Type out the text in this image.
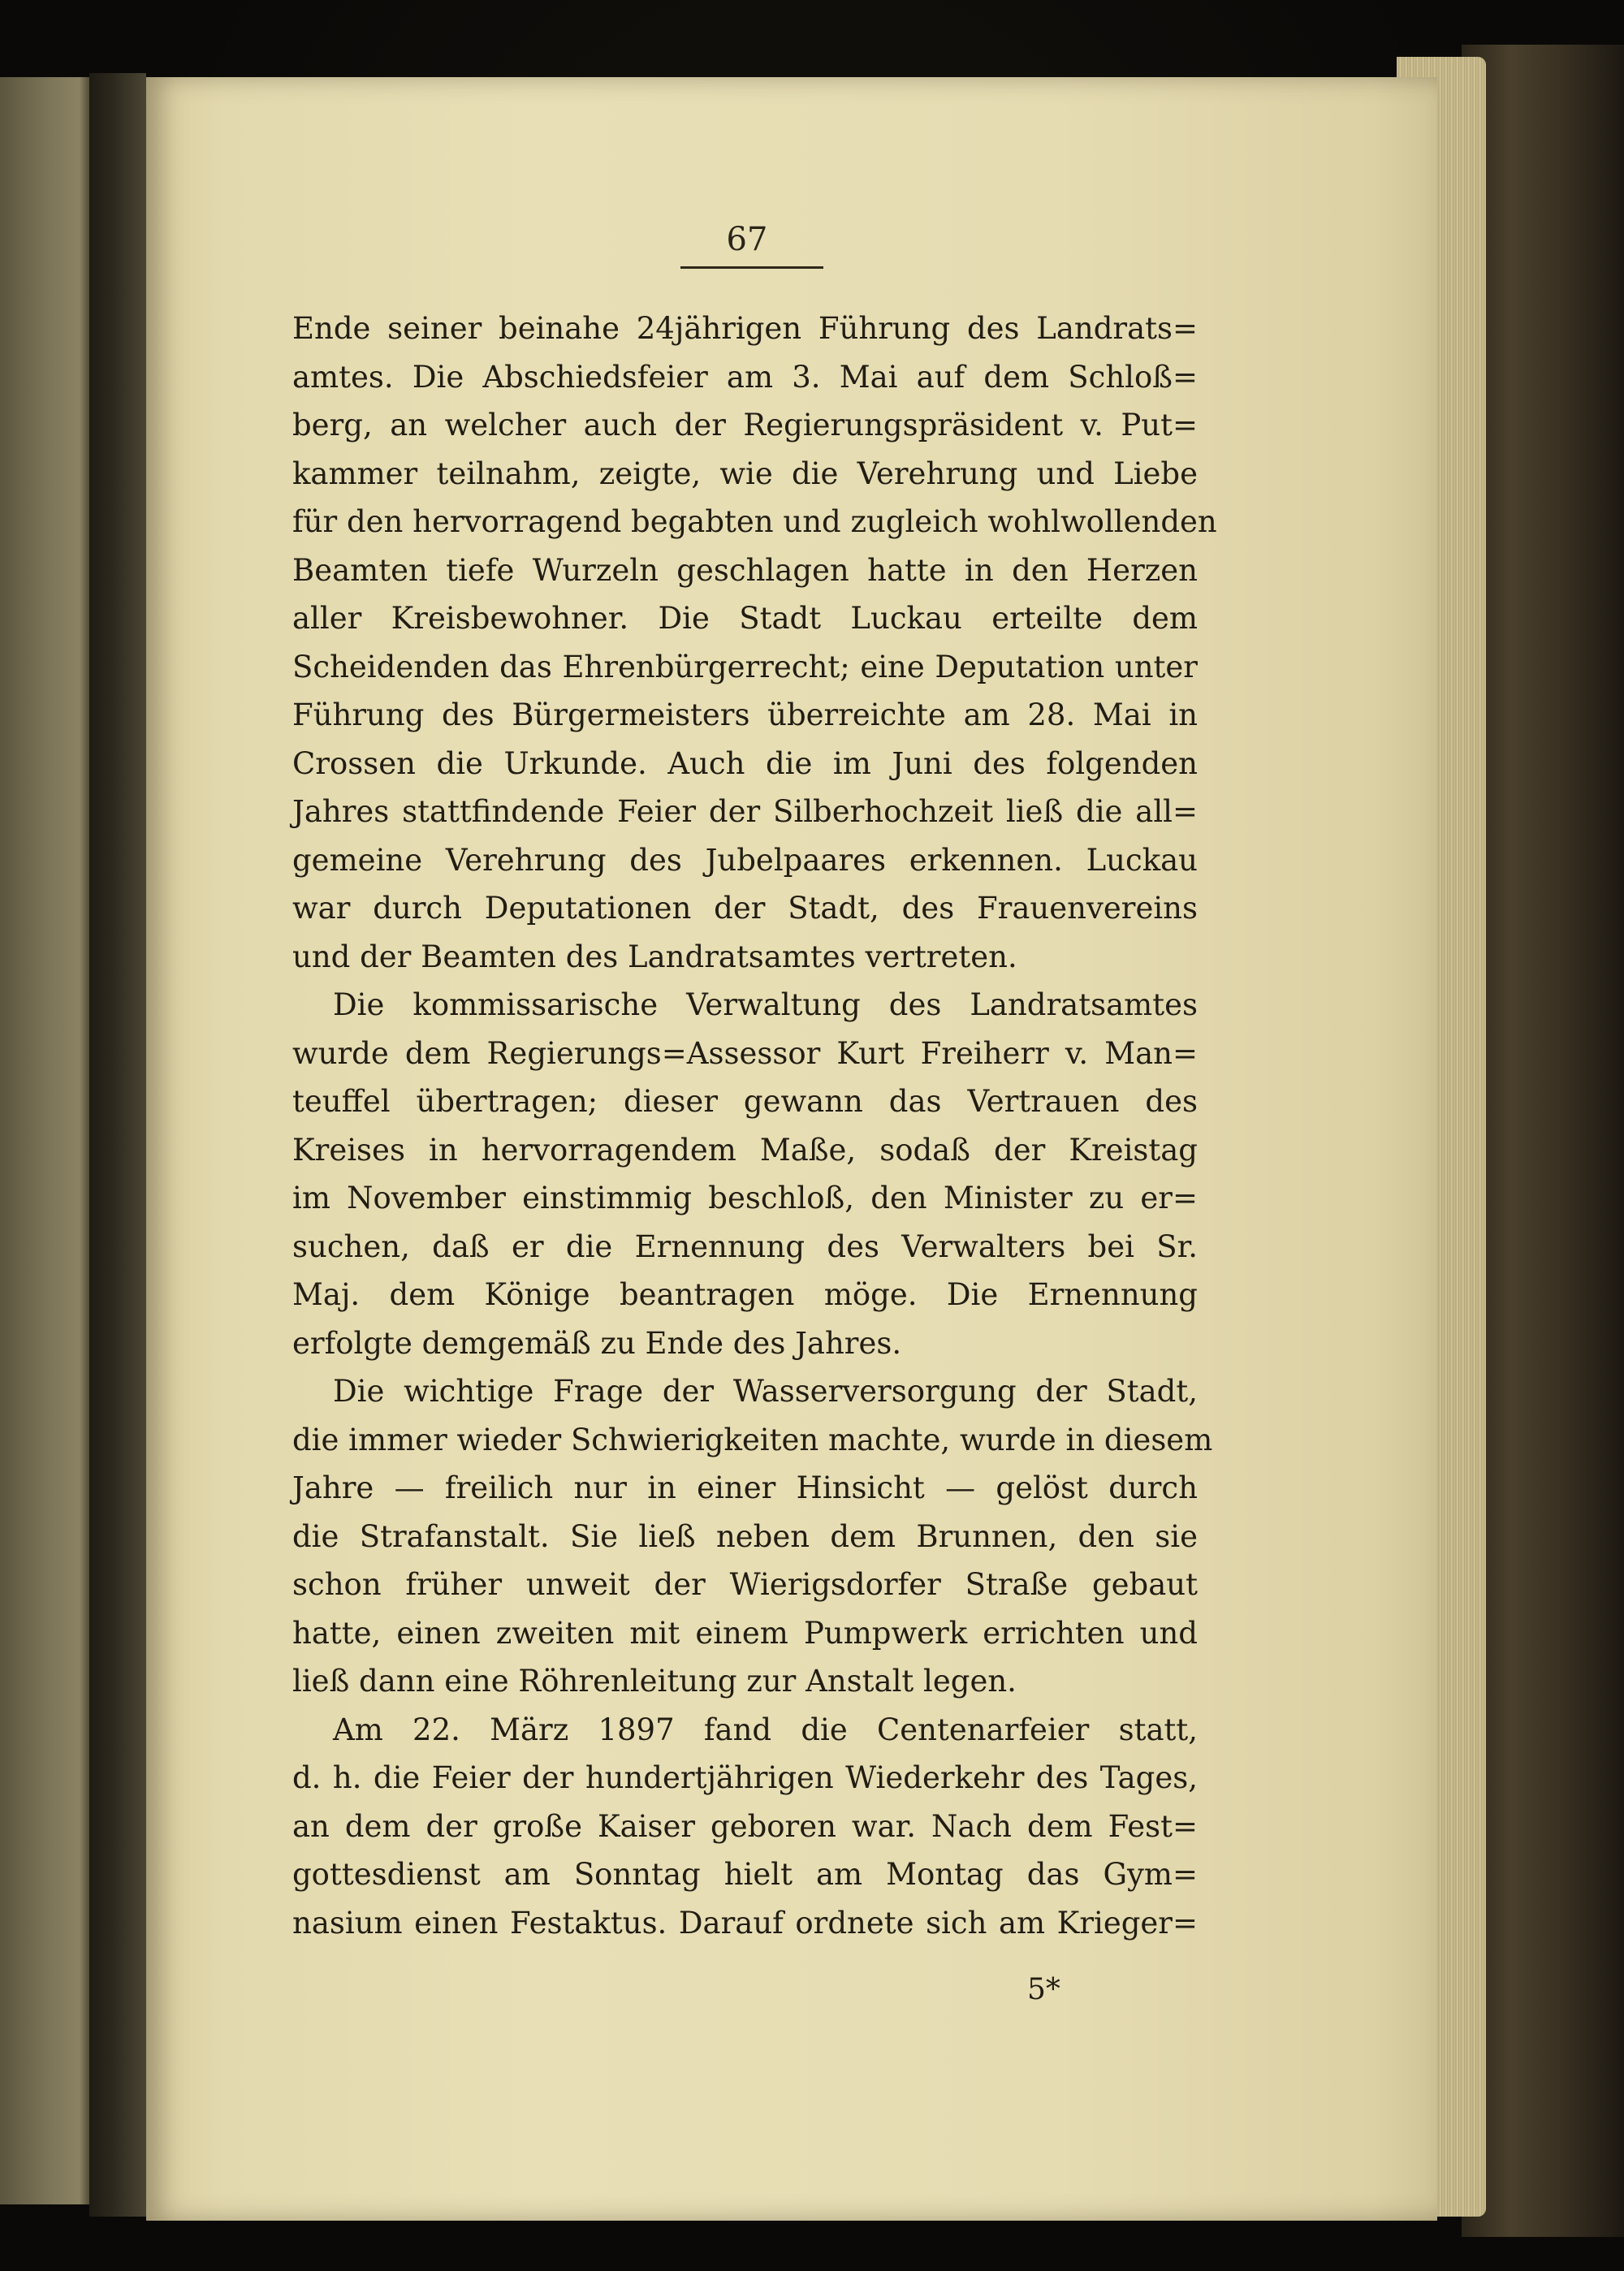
67
Ende seiner beinahe 24jährigen Führung des Landrats=
amtes. Die Abschiedsfeier am 3. Mai auf dem Schloß=
berg, an welcher auch der Regierungspräsident v. Put=
kammer teilnahm, zeigte, wie die Verehrung und Liebe
für den hervorragend begabten und zugleich wohlwollenden
Beamten tiefe Wurzeln geschlagen hatte in den Herzen
aller Kreisbewohner. Die Stadt Luckau erteilte dem
Scheidenden das Ehrenbürgerrecht; eine Deputation unter
Führung des Bürgermeisters überreichte am 28. Mai in
Crossen die Urkunde. Auch die im Juni des folgenden
Jahres stattfindende Feier der Silberhochzeit ließ die all=
gemeine Verehrung des Jubelpaares erkennen. Luckau
war durch Deputationen der Stadt, des Frauenvereins
und der Beamten des Landratsamtes vertreten.
Die kommissarische Verwaltung des Landratsamtes
wurde dem Regierungs=Assessor Kurt Freiherr v. Man=
teuffel übertragen; dieser gewann das Vertrauen des
Kreises in hervorragendem Maße, sodaß der Kreistag
im November einstimmig beschloß, den Minister zu er=
suchen, daß er die Ernennung des Verwalters bei Sr.
Maj. dem Könige beantragen möge. Die Ernennung
erfolgte demgemäß zu Ende des Jahres.
Die wichtige Frage der Wasserversorgung der Stadt,
die immer wieder Schwierigkeiten machte, wurde in diesem
Jahre — freilich nur in einer Hinsicht — gelöst durch
die Strafanstalt. Sie ließ neben dem Brunnen, den sie
schon früher unweit der Wierigsdorfer Straße gebaut
hatte, einen zweiten mit einem Pumpwerk errichten und
ließ dann eine Röhrenleitung zur Anstalt legen.
Am 22. März 1897 fand die Centenarfeier statt,
d. h. die Feier der hundertjährigen Wiederkehr des Tages,
an dem der große Kaiser geboren war. Nach dem Fest=
gottesdienst am Sonntag hielt am Montag das Gym=
nasium einen Festaktus. Darauf ordnete sich am Krieger=
5*
